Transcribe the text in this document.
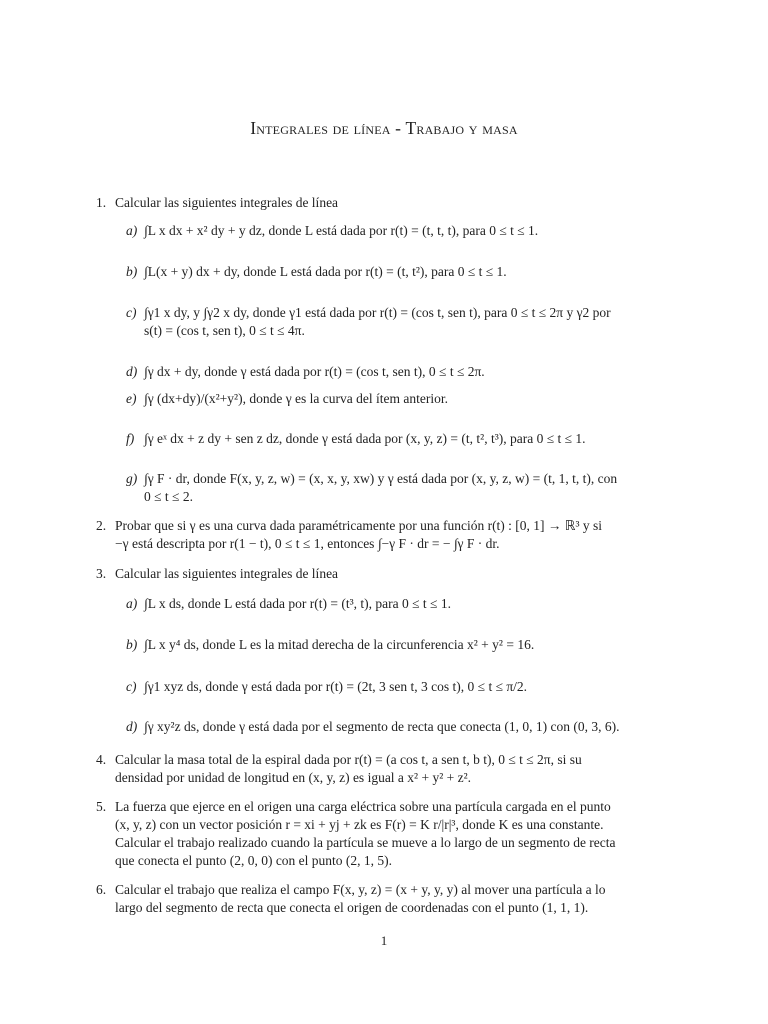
Integrales de línea - Trabajo y masa
1. Calcular las siguientes integrales de línea
a) ∫L x dx + x² dy + y dz, donde L está dada por r(t) = (t, t, t), para 0 ≤ t ≤ 1.
b) ∫L(x + y) dx + dy, donde L está dada por r(t) = (t, t²), para 0 ≤ t ≤ 1.
c) ∫γ1 x dy, y ∫γ2 x dy, donde γ1 está dada por r(t) = (cos t, sen t), para 0 ≤ t ≤ 2π y γ2 por
s(t) = (cos t, sen t), 0 ≤ t ≤ 4π.
d) ∫γ dx + dy, donde γ está dada por r(t) = (cos t, sen t), 0 ≤ t ≤ 2π.
e) ∫γ (dx+dy)/(x²+y²), donde γ es la curva del ítem anterior.
f) ∫γ eˣ dx + z dy + sen z dz, donde γ está dada por (x, y, z) = (t, t², t³), para 0 ≤ t ≤ 1.
g) ∫γ F · dr, donde F(x, y, z, w) = (x, x, y, xw) y γ está dada por (x, y, z, w) = (t, 1, t, t), con
0 ≤ t ≤ 2.
2. Probar que si γ es una curva dada paramétricamente por una función r(t) : [0, 1] → ℝ³ y si
−γ está descripta por r(1 − t), 0 ≤ t ≤ 1, entonces ∫−γ F · dr = − ∫γ F · dr.
3. Calcular las siguientes integrales de línea
a) ∫L x ds, donde L está dada por r(t) = (t³, t), para 0 ≤ t ≤ 1.
b) ∫L x y⁴ ds, donde L es la mitad derecha de la circunferencia x² + y² = 16.
c) ∫γ1 xyz ds, donde γ está dada por r(t) = (2t, 3 sen t, 3 cos t), 0 ≤ t ≤ π/2.
d) ∫γ xy²z ds, donde γ está dada por el segmento de recta que conecta (1, 0, 1) con (0, 3, 6).
4. Calcular la masa total de la espiral dada por r(t) = (a cos t, a sen t, b t), 0 ≤ t ≤ 2π, si su
densidad por unidad de longitud en (x, y, z) es igual a x² + y² + z².
5. La fuerza que ejerce en el origen una carga eléctrica sobre una partícula cargada en el punto
(x, y, z) con un vector posición r = xi + yj + zk es F(r) = K r/|r|³, donde K es una constante.
Calcular el trabajo realizado cuando la partícula se mueve a lo largo de un segmento de recta
que conecta el punto (2, 0, 0) con el punto (2, 1, 5).
6. Calcular el trabajo que realiza el campo F(x, y, z) = (x + y, y, y) al mover una partícula a lo
largo del segmento de recta que conecta el origen de coordenadas con el punto (1, 1, 1).
1
